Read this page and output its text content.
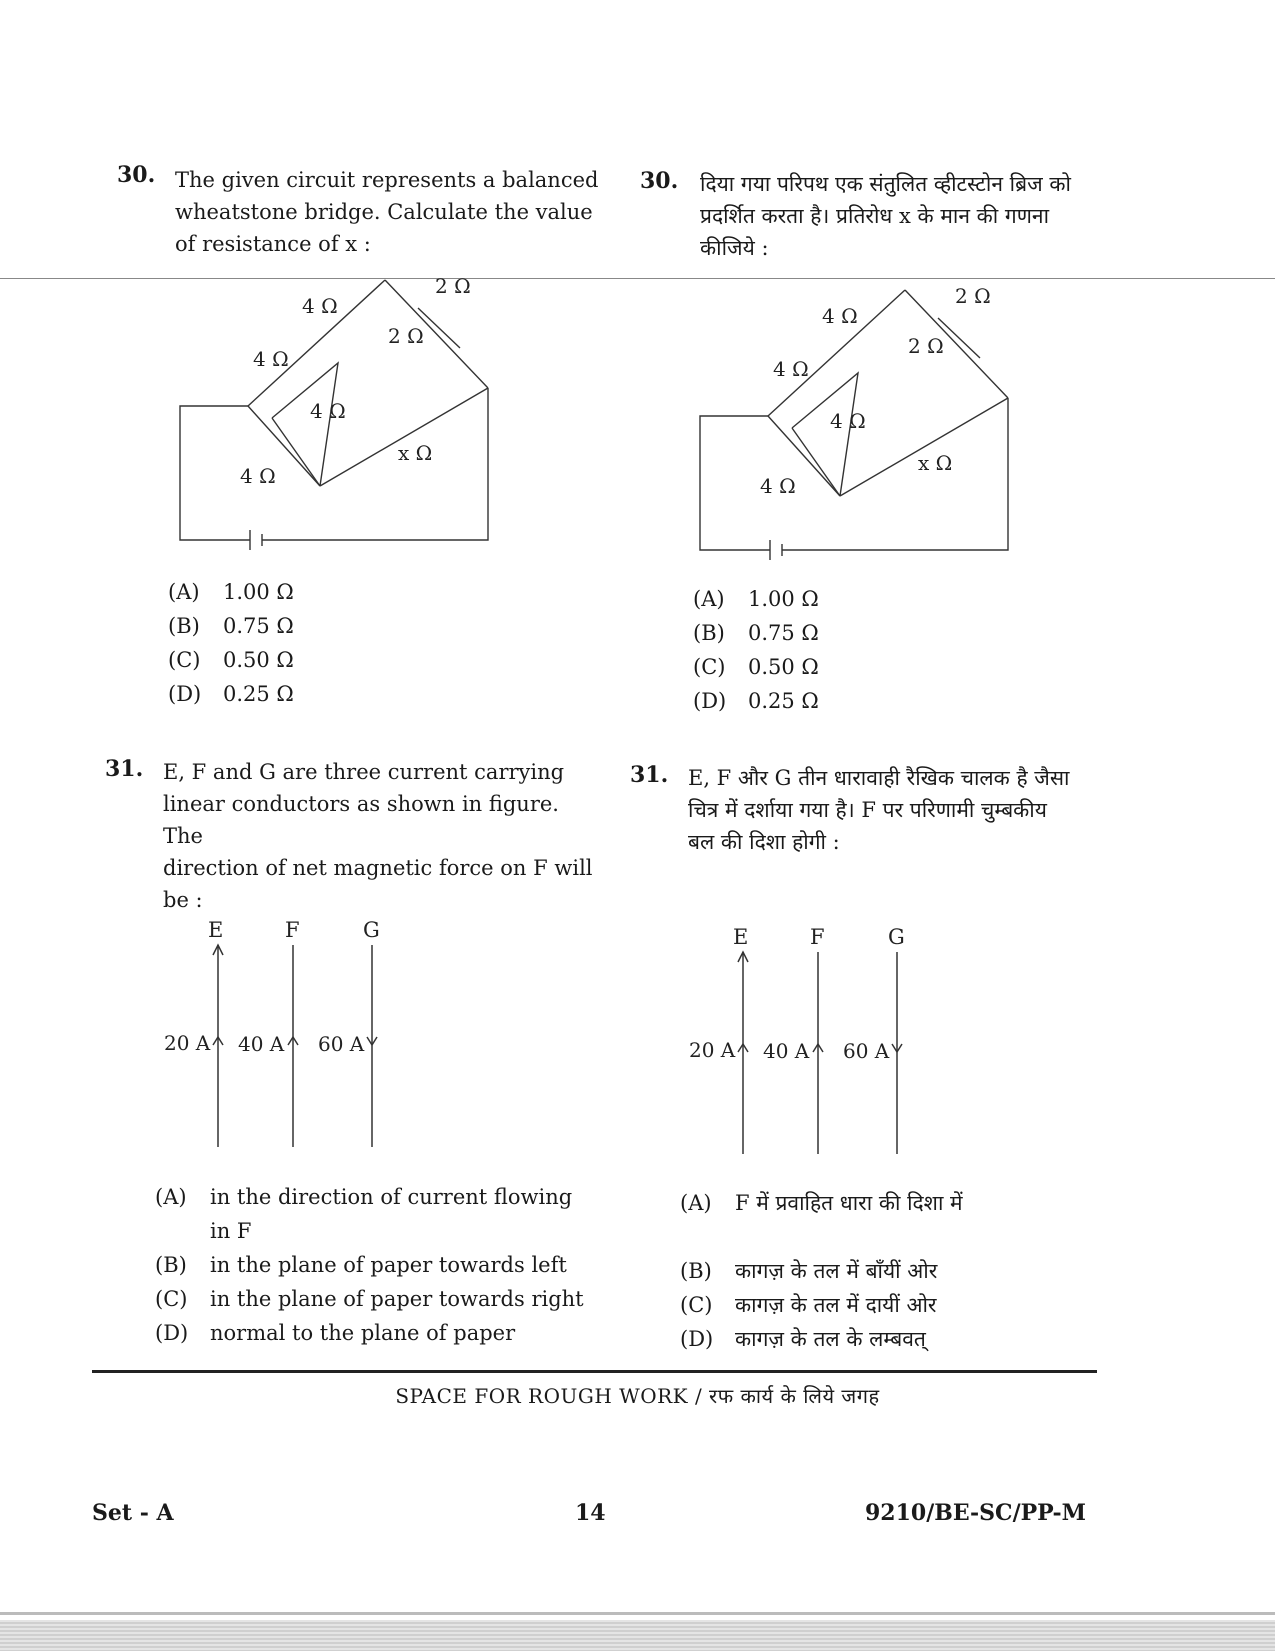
30. The given circuit represents a balanced
wheatstone bridge. Calculate the value
of resistance of x :
30. दिया गया परिपथ एक संतुलित व्हीटस्टोन ब्रिज को
प्रदर्शित करता है। प्रतिरोध x के मान की गणना
कीजिये :
4 Ω
4 Ω
2 Ω
2 Ω
4 Ω
4 Ω
x Ω
4 Ω
4 Ω
2 Ω
2 Ω
4 Ω
4 Ω
x Ω
(A) 1.00 Ω
(B) 0.75 Ω
(C) 0.50 Ω
(D) 0.25 Ω
(A) 1.00 Ω
(B) 0.75 Ω
(C) 0.50 Ω
(D) 0.25 Ω
31. E, F and G are three current carrying
linear conductors as shown in figure. The
direction of net magnetic force on F will
be :
31. E, F और G तीन धारावाही रैखिक चालक है जैसा
चित्र में दर्शाया गया है। F पर परिणामी चुम्बकीय
बल की दिशा होगी :
E	F	G
20 A 40 A 60 A
E	F	G
20 A 40 A 60 A
(A) in the direction of current flowing
in F
(B) in the plane of paper towards left
(C) in the plane of paper towards right
(D) normal to the plane of paper
(A) F में प्रवाहित धारा की दिशा में
(B) कागज़ के तल में बाँयीं ओर
(C) कागज़ के तल में दायीं ओर
(D) कागज़ के तल के लम्बवत्
SPACE FOR ROUGH WORK / रफ कार्य के लिये जगह
Set - A	14	9210/BE-SC/PP-M
